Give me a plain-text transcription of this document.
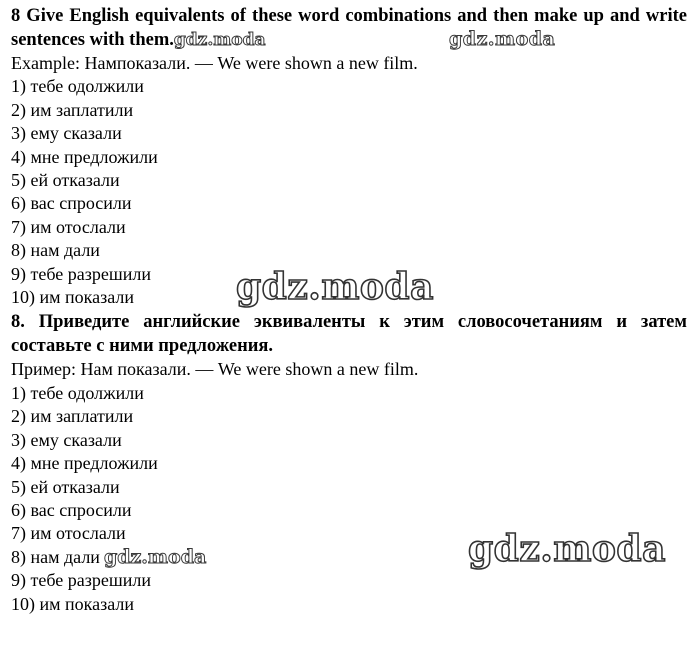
8 Give English equivalents of these word combinations and then make up and write sentences with them.gdz.moda

Example: Нампоказали. — We were shown a new film.

1) тебе одолжили

2) им заплатили

3) ему сказали

4) мне предложили

5) ей отказали

6) вас спросили

7) им отослали

8) нам дали

9) тебе разрешили

10) им показали

8. Приведите английские эквиваленты к этим словосочетаниям и затем составьте с ними предложения.

Пример: Нам показали. — We were shown a new film.

1) тебе одолжили

2) им заплатили

3) ему сказали

4) мне предложили

5) ей отказали

6) вас спросили

7) им отослали

8) нам дали gdz.moda

9) тебе разрешили

10) им показали

gdz.moda
gdz.moda
gdz.moda
